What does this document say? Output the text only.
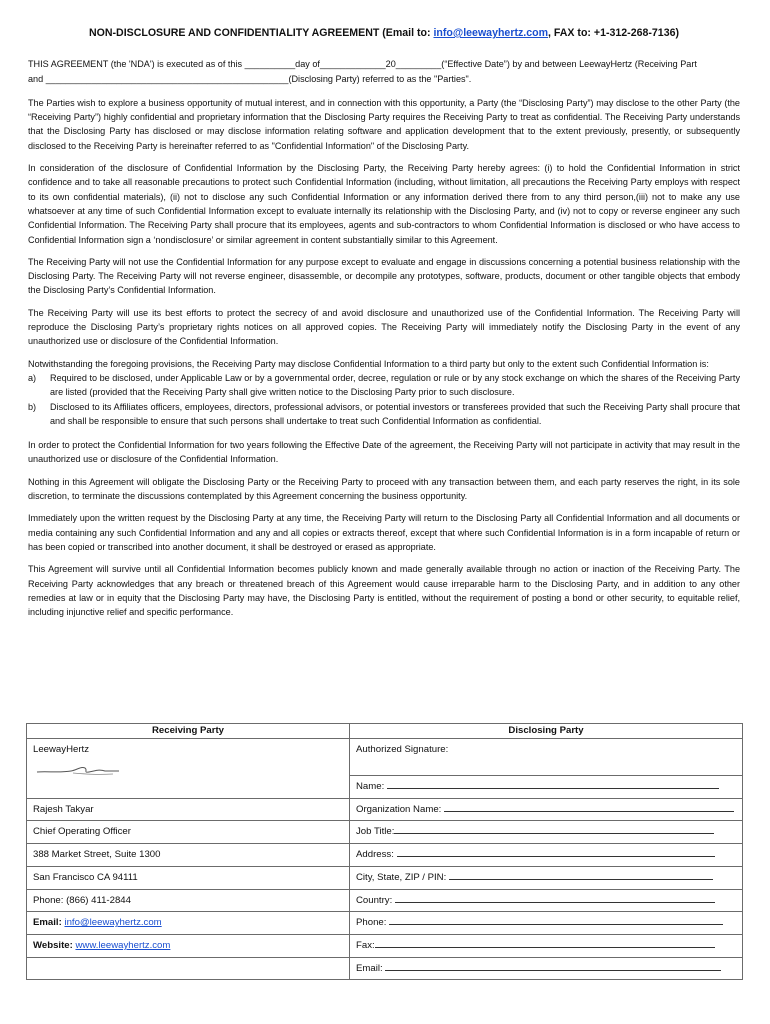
NON-DISCLOSURE AND CONFIDENTIALITY AGREEMENT (Email to: info@leewayhertz.com, FAX to: +1-312-268-7136)
THIS AGREEMENT (the 'NDA') is executed as of this __________day of_____________20_________(“Effective Date”) by and between LeewayHertz (Receiving Part
and ________________________________________________(Disclosing Party) referred to as the "Parties".
The Parties wish to explore a business opportunity of mutual interest, and in connection with this opportunity, a Party (the “Disclosing Party”) may disclose to the other Party (the “Receiving Party”) highly confidential and proprietary information that the Disclosing Party requires the Receiving Party to treat as confidential. The Receiving Party understands that the Disclosing Party has disclosed or may disclose information relating software and application development that to the extent previously, presently, or subsequently disclosed to the Receiving Party is hereinafter referred to as "Confidential Information" of the Disclosing Party.
In consideration of the disclosure of Confidential Information by the Disclosing Party, the Receiving Party hereby agrees: (i) to hold the Confidential Information in strict confidence and to take all reasonable precautions to protect such Confidential Information (including, without limitation, all precautions the Receiving Party employs with respect to its own confidential materials), (ii) not to disclose any such Confidential Information or any information derived there from to any third person,(iii) not to make any use whatsoever at any time of such Confidential Information except to evaluate internally its relationship with the Disclosing Party, and (iv) not to copy or reverse engineer any such Confidential Information. The Receiving Party shall procure that its employees, agents and sub-contractors to whom Confidential Information is disclosed or who have access to Confidential Information sign a ‘nondisclosure’ or similar agreement in content substantially similar to this Agreement.
The Receiving Party will not use the Confidential Information for any purpose except to evaluate and engage in discussions concerning a potential business relationship with the Disclosing Party. The Receiving Party will not reverse engineer, disassemble, or decompile any prototypes, software, products, document or other tangible objects that embody the Disclosing Party’s Confidential Information.
The Receiving Party will use its best efforts to protect the secrecy of and avoid disclosure and unauthorized use of the Confidential Information. The Receiving Party will reproduce the Disclosing Party’s proprietary rights notices on all approved copies. The Receiving Party will immediately notify the Disclosing Party in the event of any unauthorized use or disclosure of the Confidential Information.
Notwithstanding the foregoing provisions, the Receiving Party may disclose Confidential Information to a third party but only to the extent such Confidential Information is:
a)	Required to be disclosed, under Applicable Law or by a governmental order, decree, regulation or rule or by any stock exchange on which the shares of the Receiving Party are listed (provided that the Receiving Party shall give written notice to the Disclosing Party prior to such disclosure.
b)	Disclosed to its Affiliates officers, employees, directors, professional advisors, or potential investors or transferees provided that such the Receiving Party shall procure that and shall be responsible to ensure that such persons shall undertake to treat such Confidential Information as confidential.
In order to protect the Confidential Information for two years following the Effective Date of the agreement, the Receiving Party will not participate in activity that may result in the unauthorized use or disclosure of the Confidential Information.
Nothing in this Agreement will obligate the Disclosing Party or the Receiving Party to proceed with any transaction between them, and each party reserves the right, in its sole discretion, to terminate the discussions contemplated by this Agreement concerning the business opportunity.
Immediately upon the written request by the Disclosing Party at any time, the Receiving Party will return to the Disclosing Party all Confidential Information and all documents or media containing any such Confidential Information and any and all copies or extracts thereof, except that where such Confidential Information is in a form incapable of return or has been copied or transcribed into another document, it shall be destroyed or erased as appropriate.
This Agreement will survive until all Confidential Information becomes publicly known and made generally available through no action or inaction of the Receiving Party. The Receiving Party acknowledges that any breach or threatened breach of this Agreement would cause irreparable harm to the Disclosing Party, and in addition to any other remedies at law or in equity that the Disclosing Party may have, the Disclosing Party is entitled, without the requirement of posting a bond or other security, to equitable relief, including injunctive relief and specific performance.
Receiving Party	Disclosing Party

LeewayHertz	Authorized Signature:
	Name:
Rajesh Takyar	Organization Name:
Chief Operating Officer	Job Title:
388 Market Street, Suite 1300	Address:
San Francisco CA 94111	City, State, ZIP / PIN:
Phone: (866) 411-2844	Country:
Email: info@leewayhertz.com	Phone:
Website: www.leewayhertz.com	Fax:
	Email:
